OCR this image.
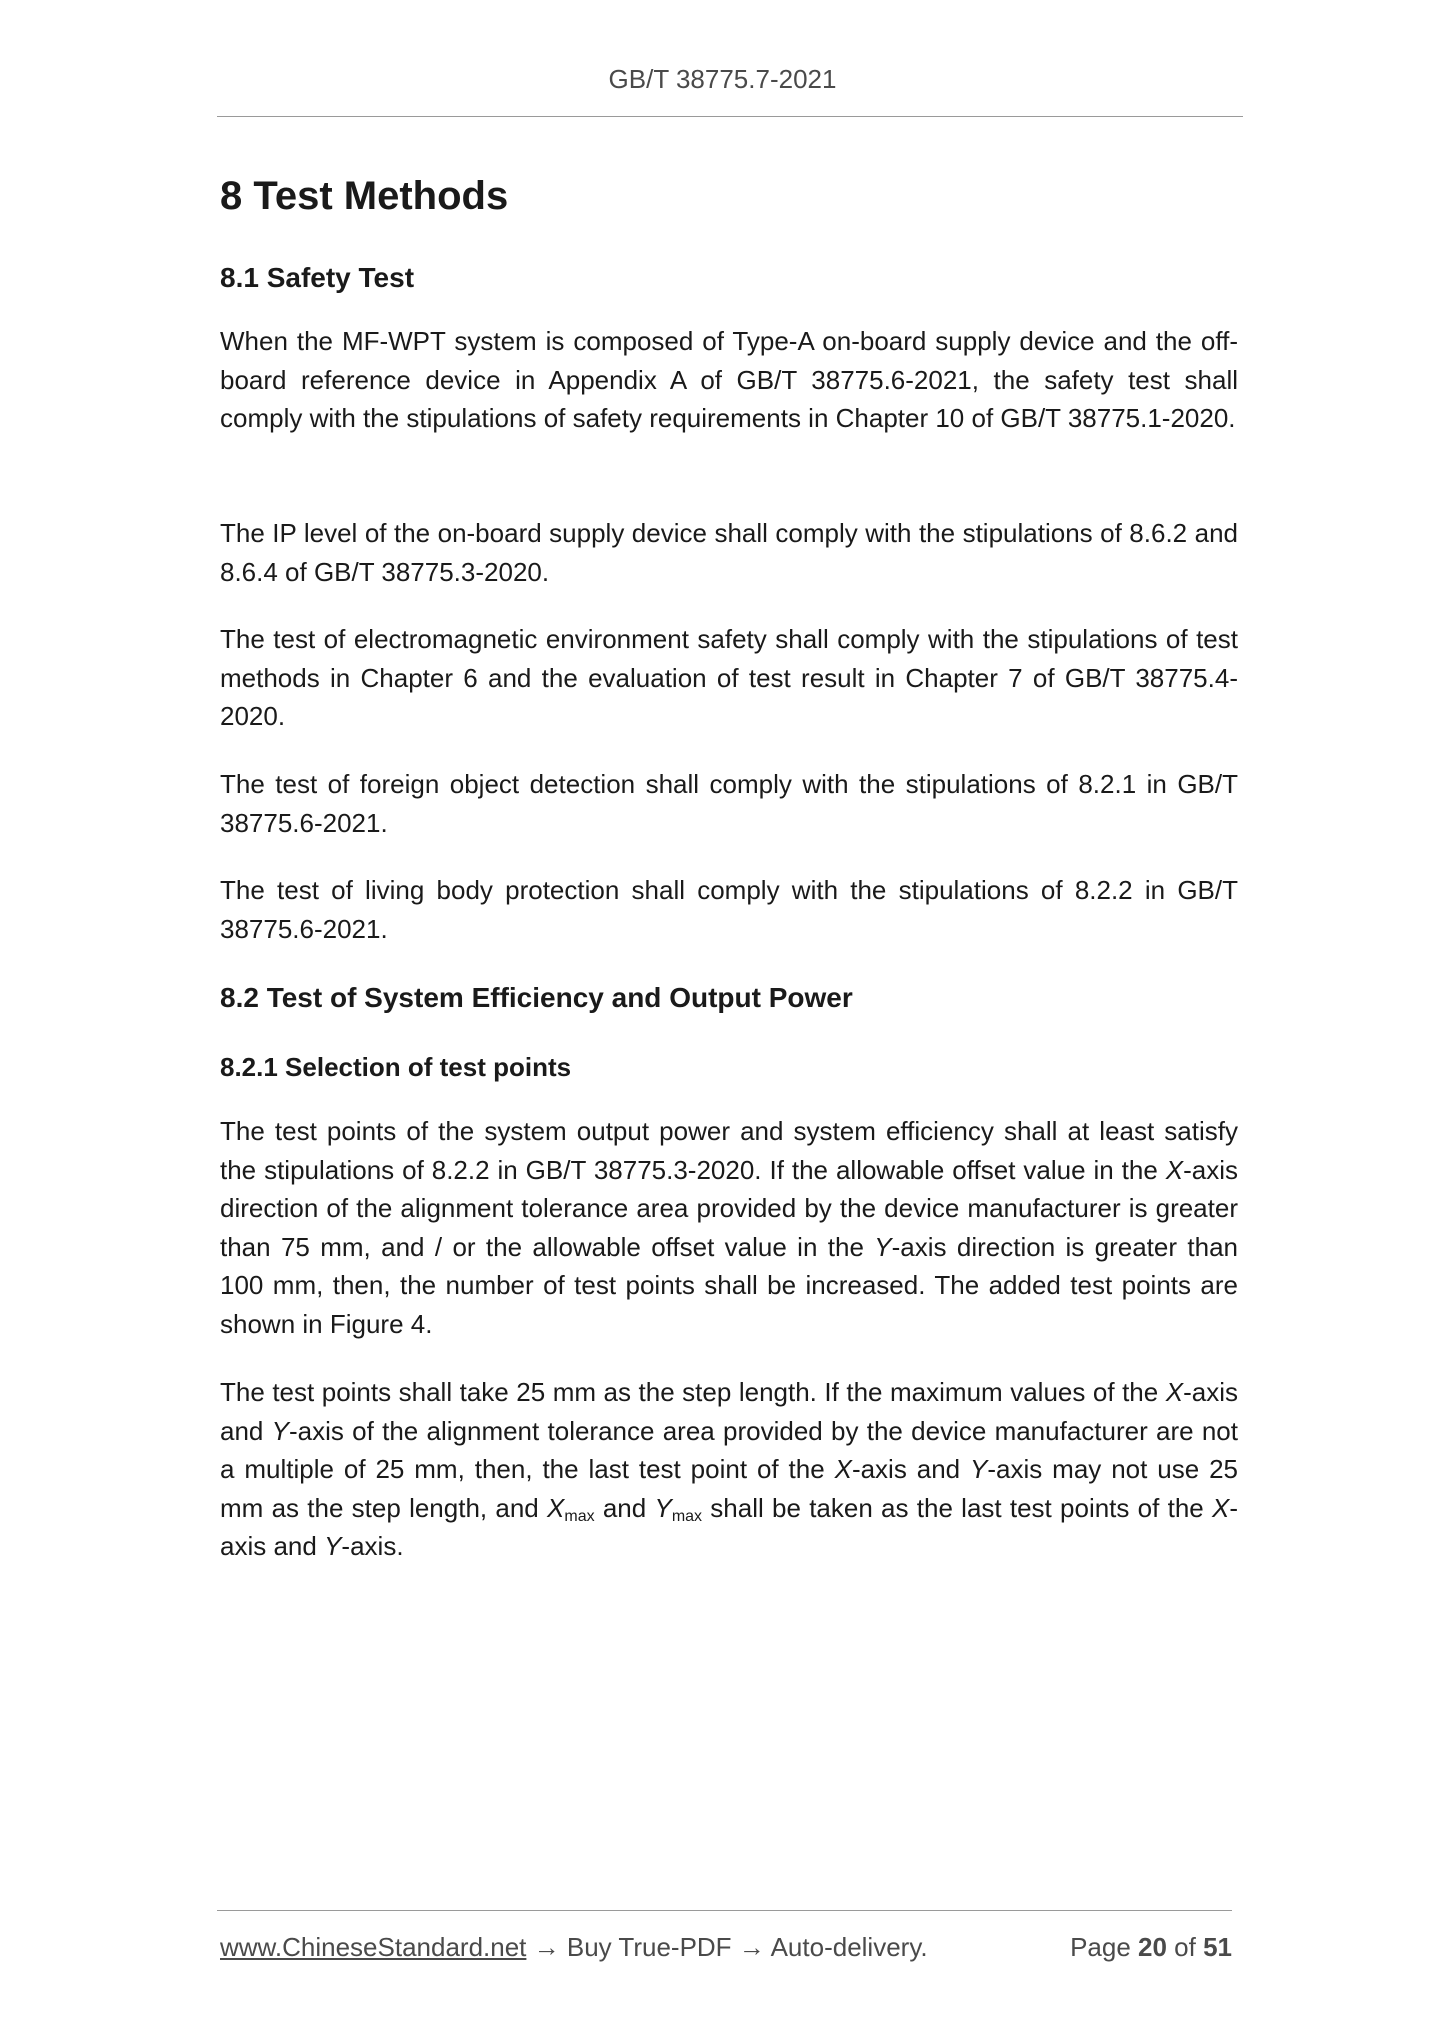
GB/T 38775.7-2021
8 Test Methods
8.1 Safety Test

When the MF-WPT system is composed of Type-A on-board supply device and the off-board reference device in Appendix A of GB/T 38775.6-2021, the safety test shall comply with the stipulations of safety requirements in Chapter 10 of GB/T 38775.1-2020.

The IP level of the on-board supply device shall comply with the stipulations of 8.6.2 and 8.6.4 of GB/T 38775.3-2020.

The test of electromagnetic environment safety shall comply with the stipulations of test methods in Chapter 6 and the evaluation of test result in Chapter 7 of GB/T 38775.4-2020.

The test of foreign object detection shall comply with the stipulations of 8.2.1 in GB/T 38775.6-2021.

The test of living body protection shall comply with the stipulations of 8.2.2 in GB/T 38775.6-2021.

8.2 Test of System Efficiency and Output Power
8.2.1 Selection of test points

The test points of the system output power and system efficiency shall at least satisfy the stipulations of 8.2.2 in GB/T 38775.3-2020. If the allowable offset value in the X-axis direction of the alignment tolerance area provided by the device manufacturer is greater than 75 mm, and / or the allowable offset value in the Y-axis direction is greater than 100 mm, then, the number of test points shall be increased. The added test points are shown in Figure 4.

The test points shall take 25 mm as the step length. If the maximum values of the X-axis and Y-axis of the alignment tolerance area provided by the device manufacturer are not a multiple of 25 mm, then, the last test point of the X-axis and Y-axis may not use 25 mm as the step length, and $X_{max}$ and $Y_{max}$ shall be taken as the last test points of the X-axis and Y-axis.

www.ChineseStandard.net → Buy True-PDF → Auto-delivery.	Page 20 of 51
